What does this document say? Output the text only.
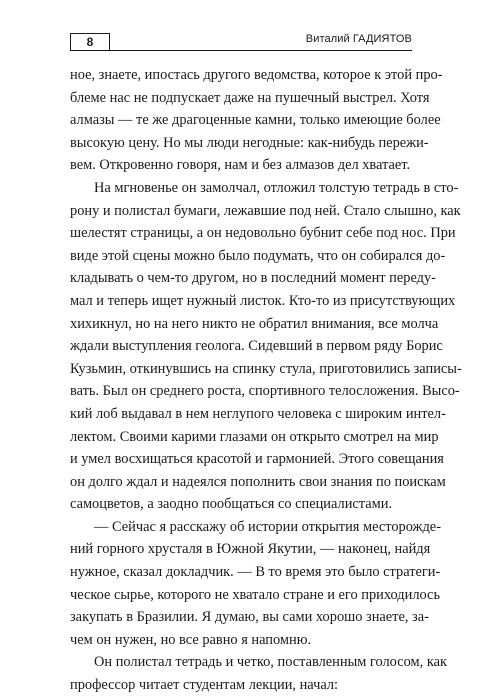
8	Виталий ГАДИЯТОВ
ное, знаете, ипостась другого ведомства, которое к этой про-
блеме нас не подпускает даже на пушечный выстрел. Хотя
алмазы — те же драгоценные камни, только имеющие более
высокую цену. Но мы люди негодные: как-нибудь пережи-
вем. Откровенно говоря, нам и без алмазов дел хватает.
На мгновенье он замолчал, отложил толстую тетрадь в сто-
рону и полистал бумаги, лежавшие под ней. Стало слышно, как
шелестят страницы, а он недовольно бубнит себе под нос. При
виде этой сцены можно было подумать, что он собирался до-
кладывать о чем-то другом, но в последний момент переду-
мал и теперь ищет нужный листок. Кто-то из присутствующих
хихикнул, но на него никто не обратил внимания, все молча
ждали выступления геолога. Сидевший в первом ряду Борис
Кузьмин, откинувшись на спинку стула, приготовились записы-
вать. Был он среднего роста, спортивного телосложения. Высо-
кий лоб выдавал в нем неглупого человека с широким интел-
лектом. Своими карими глазами он открыто смотрел на мир
и умел восхищаться красотой и гармонией. Этого совещания
он долго ждал и надеялся пополнить свои знания по поискам
самоцветов, а заодно пообщаться со специалистами.
— Сейчас я расскажу об истории открытия месторожде-
ний горного хрусталя в Южной Якутии, — наконец, найдя
нужное, сказал докладчик. — В то время это было стратеги-
ческое сырье, которого не хватало стране и его приходилось
закупать в Бразилии. Я думаю, вы сами хорошо знаете, за-
чем он нужен, но все равно я напомню.
Он полистал тетрадь и четко, поставленным голосом, как
профессор читает студентам лекции, начал:
